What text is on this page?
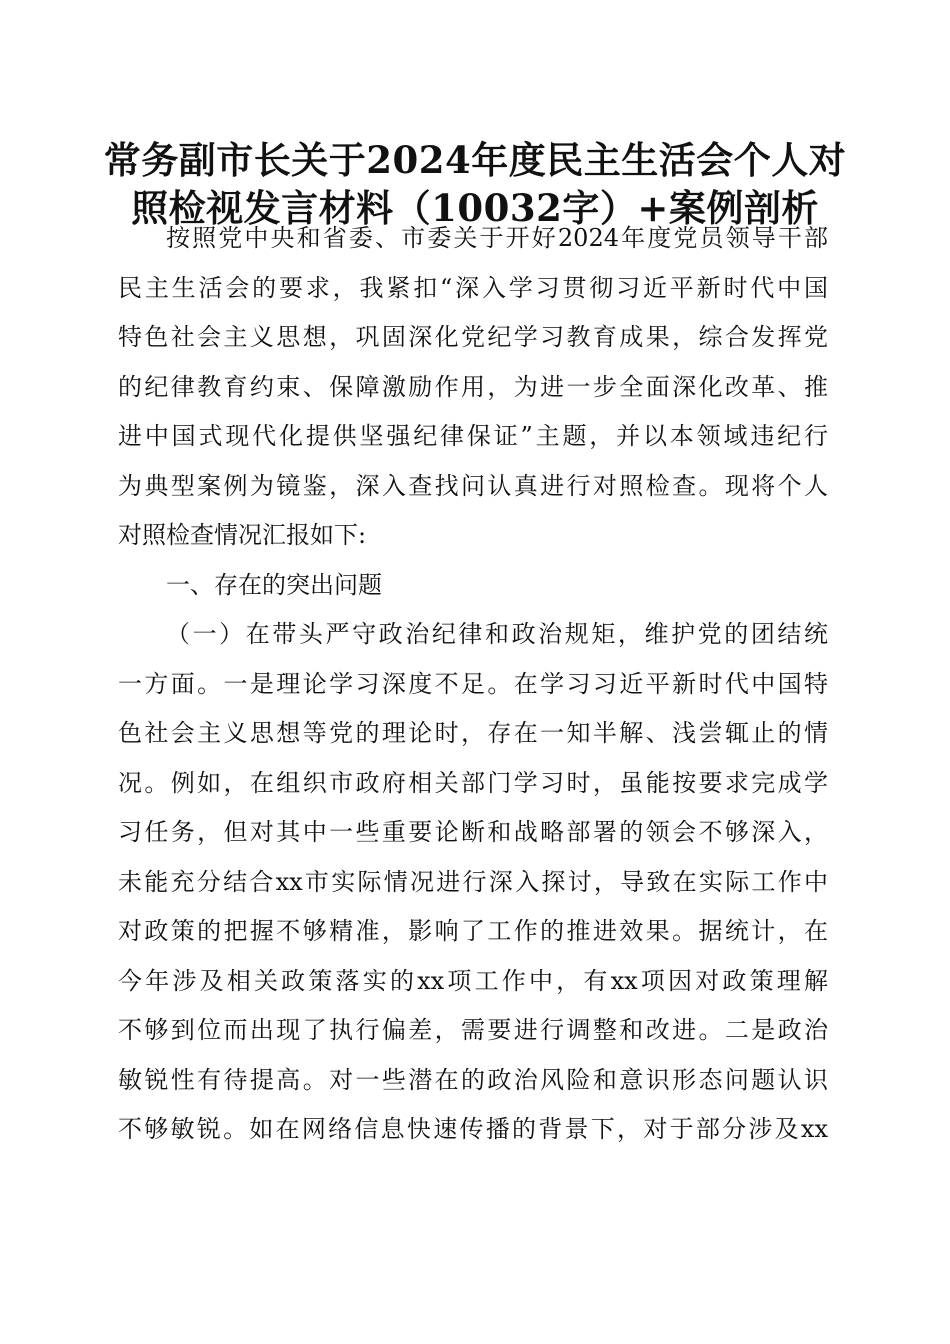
常务副市长关于2024年度民主生活会个人对
照检视发言材料（10032字）+案例剖析
按照党中央和省委、市委关于开好2024年度党员领导干部
民主生活会的要求，我紧扣“深入学习贯彻习近平新时代中国
特色社会主义思想，巩固深化党纪学习教育成果，综合发挥党
的纪律教育约束、保障激励作用，为进一步全面深化改革、推
进中国式现代化提供坚强纪律保证”主题，并以本领域违纪行
为典型案例为镜鉴，深入查找问认真进行对照检查。现将个人
对照检查情况汇报如下:
一、存在的突出问题
（一）在带头严守政治纪律和政治规矩，维护党的团结统
一方面。一是理论学习深度不足。在学习习近平新时代中国特
色社会主义思想等党的理论时，存在一知半解、浅尝辄止的情
况。例如，在组织市政府相关部门学习时，虽能按要求完成学
习任务，但对其中一些重要论断和战略部署的领会不够深入，
未能充分结合xx市实际情况进行深入探讨，导致在实际工作中
对政策的把握不够精准，影响了工作的推进效果。据统计，在
今年涉及相关政策落实的xx项工作中，有xx项因对政策理解
不够到位而出现了执行偏差，需要进行调整和改进。二是政治
敏锐性有待提高。对一些潜在的政治风险和意识形态问题认识
不够敏锐。如在网络信息快速传播的背景下，对于部分涉及xx
